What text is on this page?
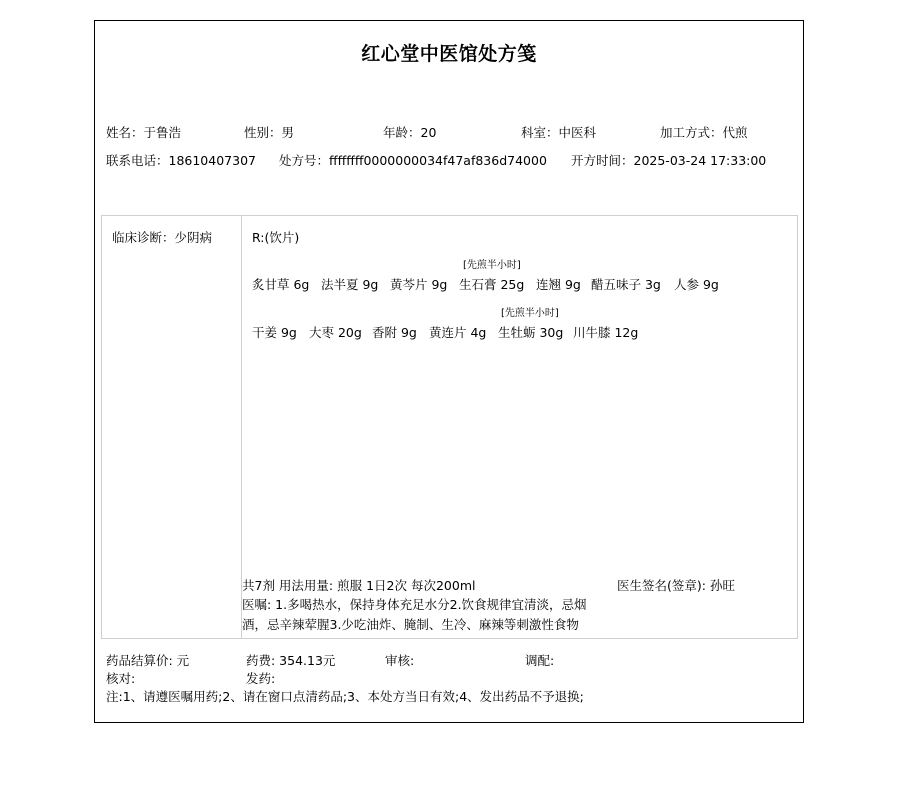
红心堂中医馆处方笺
姓名：于鲁浩	性别：男	年龄：20	科室：中医科	加工方式：代煎
联系电话：18610407307 处方号：ffffffff0000000034f47af836d74000 开方时间：2025-03-24 17:33:00
临床诊断：少阴病	R:(饮片)
[先煎半小时]
炙甘草 6g 法半夏 9g 黄芩片 9g 生石膏 25g 连翘 9g 醋五味子 3g 人参 9g
[先煎半小时]
干姜 9g 大枣 20g 香附 9g 黄连片 4g 生牡蛎 30g 川牛膝 12g
共7剂 用法用量: 煎服 1日2次 每次200ml	医生签名(签章): 孙旺
医嘱: 1.多喝热水，保持身体充足水分2.饮食规律宜清淡，忌烟酒，忌辛辣荤腥3.少吃油炸、腌制、生冷、麻辣等刺激性食物
药品结算价: 元	药费: 354.13元	审核:	调配:
核对:	发药:
注:1、请遵医嘱用药;2、请在窗口点清药品;3、本处方当日有效;4、发出药品不予退换;
